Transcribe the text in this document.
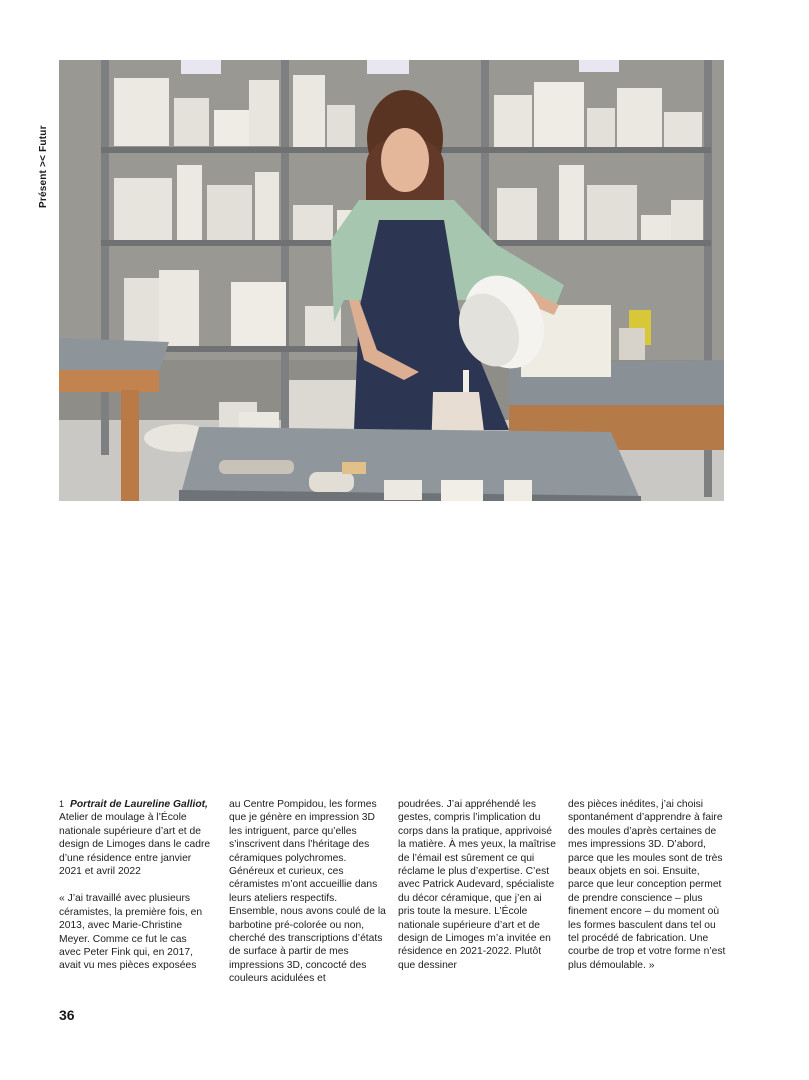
Présent >< Futur

1 Portrait de Laureline Galliot, Atelier de moulage à l’École nationale supérieure d’art et de design de Limoges dans le cadre d’une résidence entre janvier 2021 et avril 2022

« J’ai travaillé avec plusieurs céramistes, la première fois, en 2013, avec Marie-Christine Meyer. Comme ce fut le cas avec Peter Fink qui, en 2017, avait vu mes pièces exposées

au Centre Pompidou, les formes que je génère en impression 3D les intriguent, parce qu’elles s’inscrivent dans l’héritage des céramiques polychromes. Généreux et curieux, ces céramistes m’ont accueillie dans leurs ateliers respectifs. Ensemble, nous avons coulé de la barbotine pré-colorée ou non, cherché des transcriptions d’états de surface à partir de mes impressions 3D, concocté des couleurs acidulées et

poudrées. J’ai appréhendé les gestes, compris l’implication du corps dans la pratique, apprivoisé la matière. À mes yeux, la maîtrise de l’émail est sûrement ce qui réclame le plus d’expertise. C’est avec Patrick Audevard, spécialiste du décor céramique, que j’en ai pris toute la mesure. L’École nationale supérieure d’art et de design de Limoges m’a invitée en résidence en 2021-2022. Plutôt que dessiner

des pièces inédites, j’ai choisi spontanément d’apprendre à faire des moules d’après certaines de mes impressions 3D. D’abord, parce que les moules sont de très beaux objets en soi. Ensuite, parce que leur conception permet de prendre conscience – plus finement encore – du moment où les formes basculent dans tel ou tel procédé de fabrication. Une courbe de trop et votre forme n’est plus démoulable. »

36
